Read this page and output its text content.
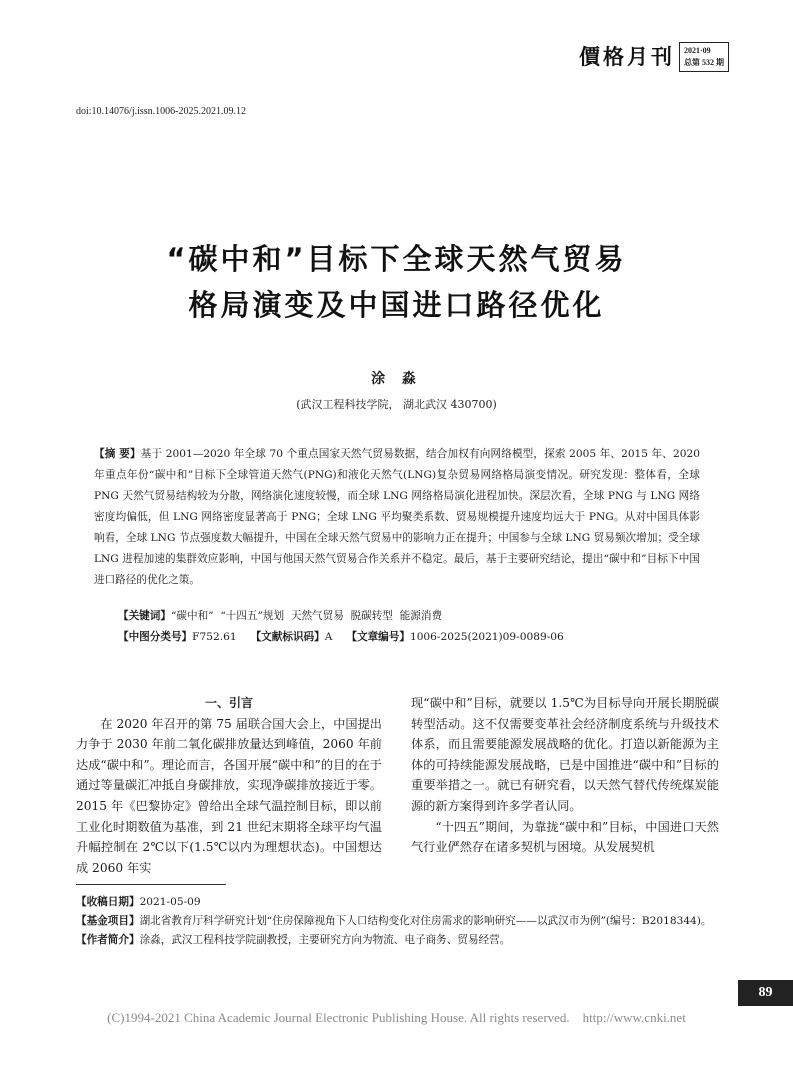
價格月刊	2021·09
总第 532 期
doi:10.14076/j.issn.1006-2025.2021.09.12
“碳中和”目标下全球天然气贸易
格局演变及中国进口路径优化
涂 淼
(武汉工程科技学院， 湖北武汉 430700)
【摘 要】基于 2001—2020 年全球 70 个重点国家天然气贸易数据，结合加权有向网络模型，探索 2005 年、2015 年、2020 年重点年份“碳中和”目标下全球管道天然气(PNG)和液化天然气(LNG)复杂贸易网络格局演变情况。研究发现：整体看，全球 PNG 天然气贸易结构较为分散，网络演化速度较慢，而全球 LNG 网络格局演化进程加快。深层次看，全球 PNG 与 LNG 网络密度均偏低，但 LNG 网络密度显著高于 PNG；全球 LNG 平均聚类系数、贸易规模提升速度均远大于 PNG。从对中国具体影响看，全球 LNG 节点强度数大幅提升，中国在全球天然气贸易中的影响力正在提升；中国参与全球 LNG 贸易频次增加；受全球 LNG 进程加速的集群效应影响，中国与他国天然气贸易合作关系并不稳定。最后，基于主要研究结论，提出“碳中和”目标下中国进口路径的优化之策。
【关键词】“碳中和”  “十四五”规划  天然气贸易  脱碳转型  能源消费
【中图分类号】F752.61 【文献标识码】A 【文章编号】1006-2025(2021)09-0089-06
一、引言

在 2020 年召开的第 75 届联合国大会上，中国提出力争于 2030 年前二氧化碳排放量达到峰值，2060 年前达成“碳中和”。理论而言，各国开展“碳中和”的目的在于通过等量碳汇冲抵自身碳排放，实现净碳排放接近于零。2015 年《巴黎协定》曾给出全球气温控制目标，即以前工业化时期数值为基准，到 21 世纪末期将全球平均气温升幅控制在 2℃以下(1.5℃以内为理想状态)。中国想达成 2060 年实

现“碳中和”目标，就要以 1.5℃为目标导向开展长期脱碳转型活动。这不仅需要变革社会经济制度系统与升级技术体系，而且需要能源发展战略的优化。打造以新能源为主体的可持续能源发展战略，已是中国推进“碳中和”目标的重要举措之一。就已有研究看，以天然气替代传统煤炭能源的新方案得到许多学者认同。

“十四五”期间，为靠拢“碳中和”目标，中国进口天然气行业俨然存在诸多契机与困境。从发展契机

【收稿日期】2021-05-09

【基金项目】湖北省教育厅科学研究计划“住房保障视角下人口结构变化对住房需求的影响研究——以武汉市为例”(编号：B2018344)。

【作者简介】涂淼，武汉工程科技学院副教授，主要研究方向为物流、电子商务、贸易经营。

89
(C)1994-2021 China Academic Journal Electronic Publishing House. All rights reserved.    http://www.cnki.net
